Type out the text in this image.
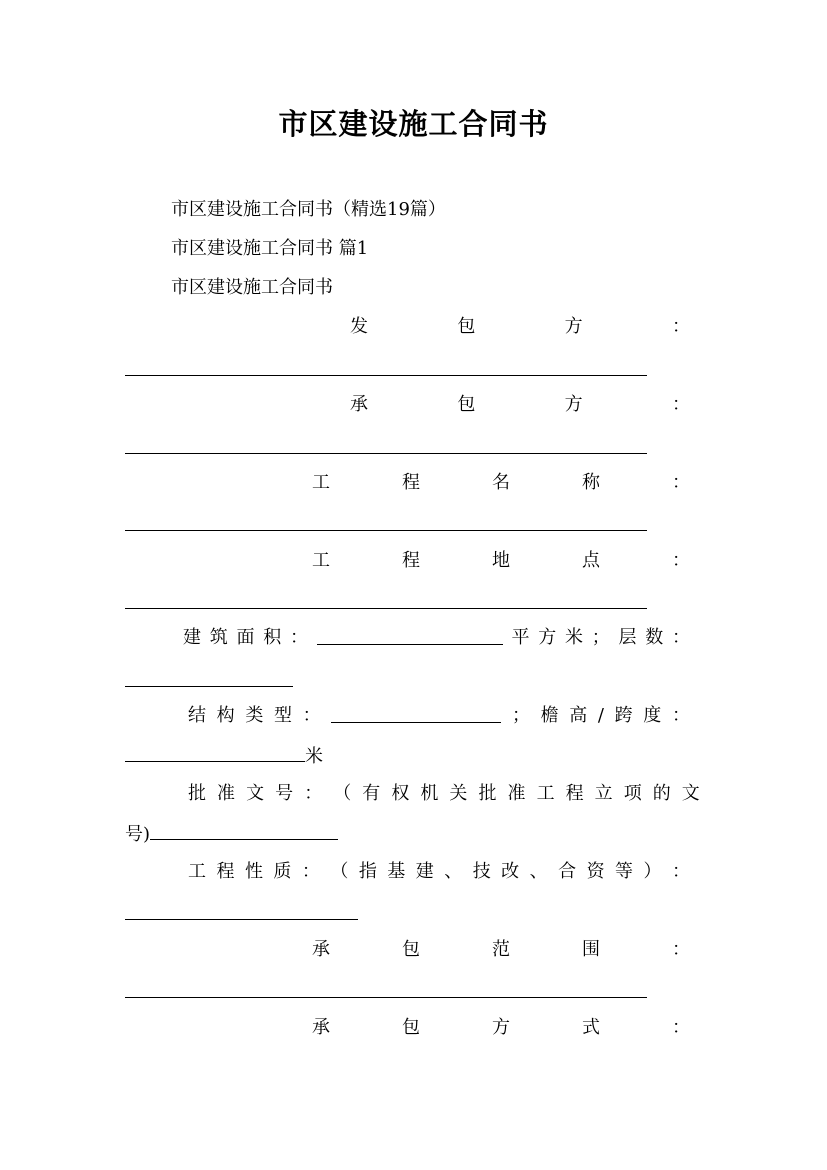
市区建设施工合同书
市区建设施工合同书（精选19篇）
市区建设施工合同书 篇1
市区建设施工合同书
发	包	方	：
承	包	方	：
工	程	名	称	：
工	程	地	点	：
建 筑 面 积 ：	平 方 米 ； 层 数 ：
结 构 类 型 ：	； 檐 高 / 跨 度 ：
米
批 准 文 号 ： （ 有 权 机 关 批 准 工 程 立 项 的 文
号)
工 程 性 质 ： （ 指 基 建 、 技 改 、 合 资 等 ） ：
承	包	范	围	：
承	包	方	式	：
